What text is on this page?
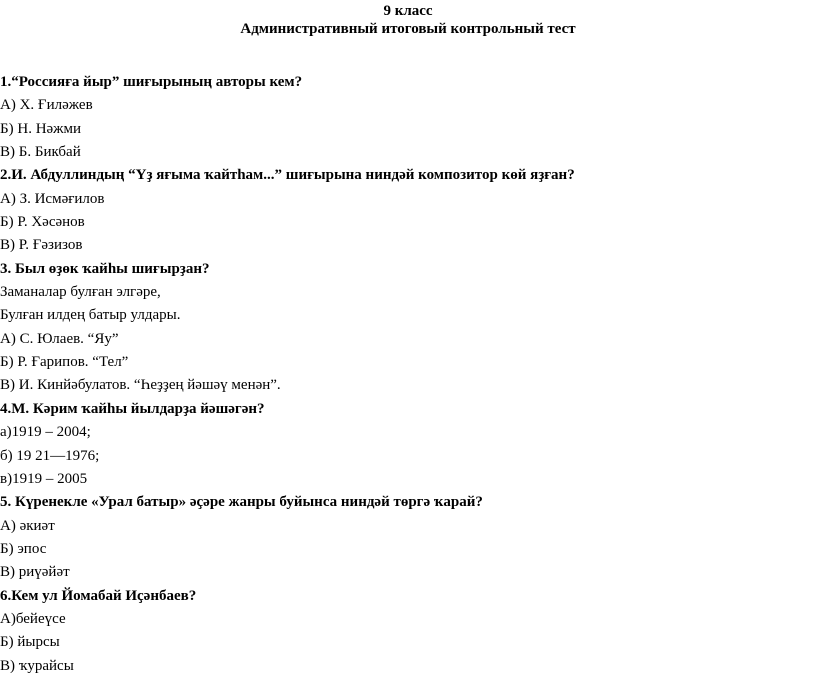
9 класс
Административный итоговый контрольный тест
1.“Россияға йыр” шиғырының авторы кем?
А) Х. Ғиләжев
Б) Н. Нәжми
В) Б. Бикбай
2.И. Абдуллиндың “Үҙ яғыма ҡайтһам...” шиғырына ниндәй композитор көй яҙған?
А) З. Исмәғилов
Б) Р. Хәсәнов
В) Р. Ғәзизов
3. Был өҙөк ҡайһы шиғырҙан?
Заманалар булған элгәре,
Булған илдең батыр улдары.
А) С. Юлаев. “Яу”
Б) Р. Ғарипов. “Тел”
В) И. Кинйәбулатов. “Һеҙҙең йәшәү менән”.
4.М. Кәрим ҡайһы йылдарҙа йәшәгән?
а)1919 – 2004;
б) 19 21—1976;
в)1919 – 2005
5. Күренекле «Урал батыр» әҫәре жанры буйынса ниндәй төргә ҡарай?
А) әкиәт
Б) эпос
В) риүәйәт
6.Кем ул Йомабай Иҫәнбаев?
А)бейеүсе
Б) йырсы
В) ҡурайсы
